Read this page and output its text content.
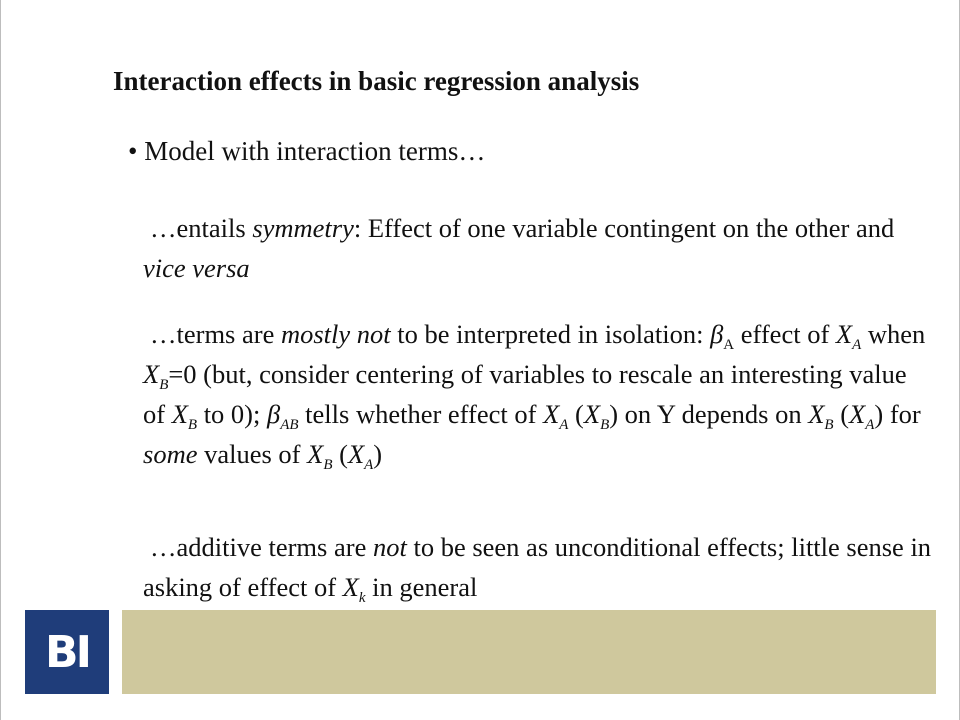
Interaction effects in basic regression analysis
• Model with interaction terms…
…entails symmetry: Effect of one variable contingent on the other and vice versa
…terms are mostly not to be interpreted in isolation: $\beta_A$ effect of $X_A$ when $X_B=0$ (but, consider centering of variables to rescale an interesting value of $X_B$ to 0); $\beta_{AB}$ tells whether effect of $X_A$ $(X_B)$ on Y depends on $X_B$ $(X_A)$ for some values of $X_B$ $(X_A)$
…additive terms are not to be seen as unconditional effects; little sense in asking of effect of $X_k$ in general
BI
